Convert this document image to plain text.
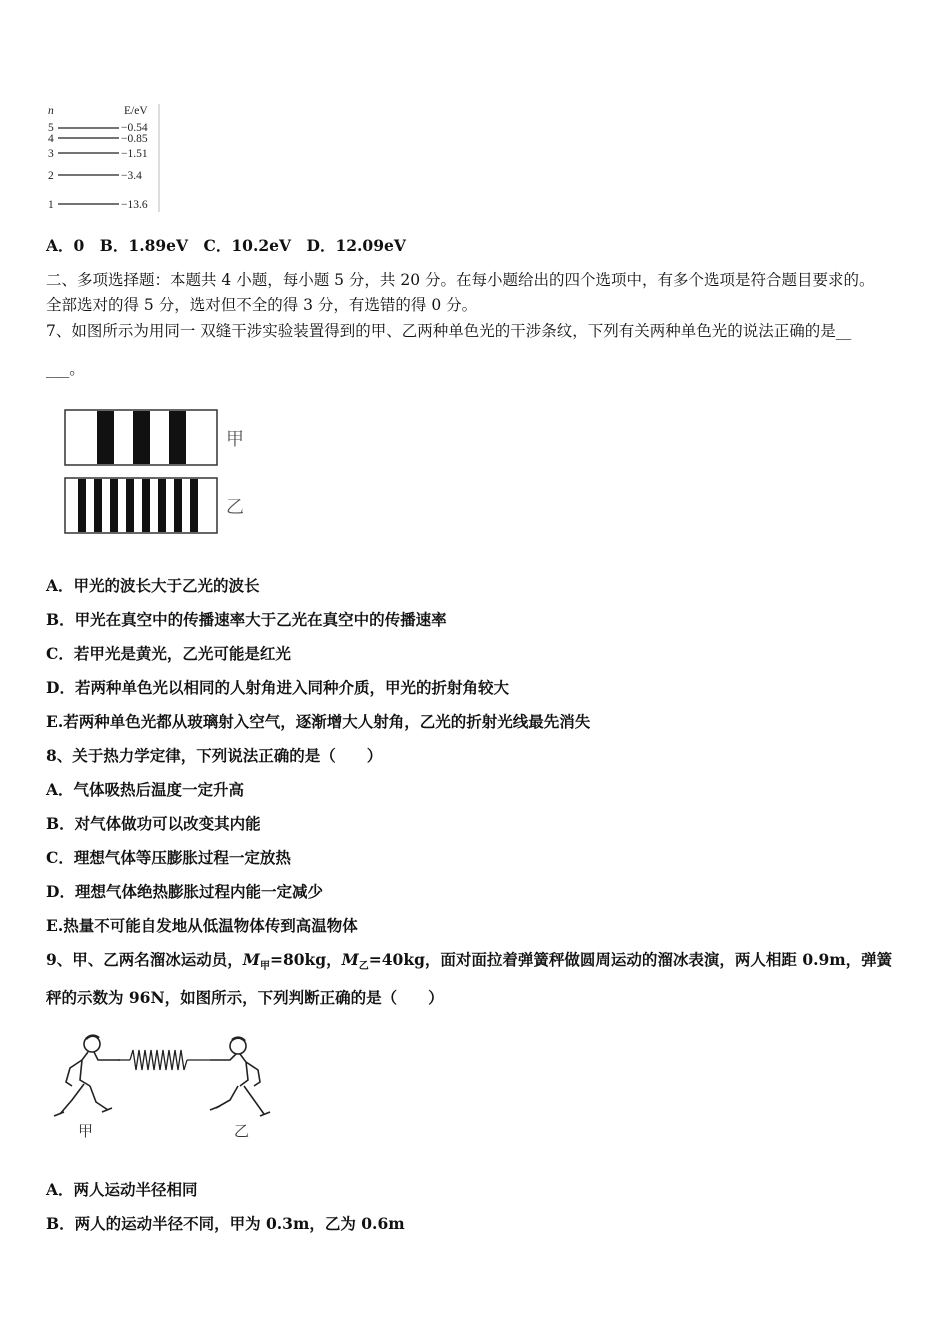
n	E/eV
5	−0.54
4	−0.85
3	−1.51
2	−3.4
1	−13.6
A．0　B．1.89eV　C．10.2eV　D．12.09eV
二、多项选择题：本题共 4 小题，每小题 5 分，共 20 分。在每小题给出的四个选项中，有多个选项是符合题目要求的。
全部选对的得 5 分，选对但不全的得 3 分，有选错的得 0 分。
7、如图所示为用同一 双缝干涉实验装置得到的甲、乙两种单色光的干涉条纹，下列有关两种单色光的说法正确的是__
___。
甲
乙
A．甲光的波长大于乙光的波长
B．甲光在真空中的传播速率大于乙光在真空中的传播速率
C．若甲光是黄光，乙光可能是红光
D．若两种单色光以相同的人射角进入同种介质，甲光的折射角较大
E.若两种单色光都从玻璃射入空气，逐渐增大人射角，乙光的折射光线最先消失
8、关于热力学定律，下列说法正确的是（　　）
A．气体吸热后温度一定升高
B．对气体做功可以改变其内能
C．理想气体等压膨胀过程一定放热
D．理想气体绝热膨胀过程内能一定减少
E.热量不可能自发地从低温物体传到高温物体
9、甲、乙两名溜冰运动员，$M_甲=80kg$，$M_乙=40kg$，面对面拉着弹簧秤做圆周运动的溜冰表演，两人相距 0.9m，弹簧
秤的示数为 96N，如图所示，下列判断正确的是（　　）
甲	乙
A．两人运动半径相同
B．两人的运动半径不同，甲为 0.3m，乙为 0.6m
